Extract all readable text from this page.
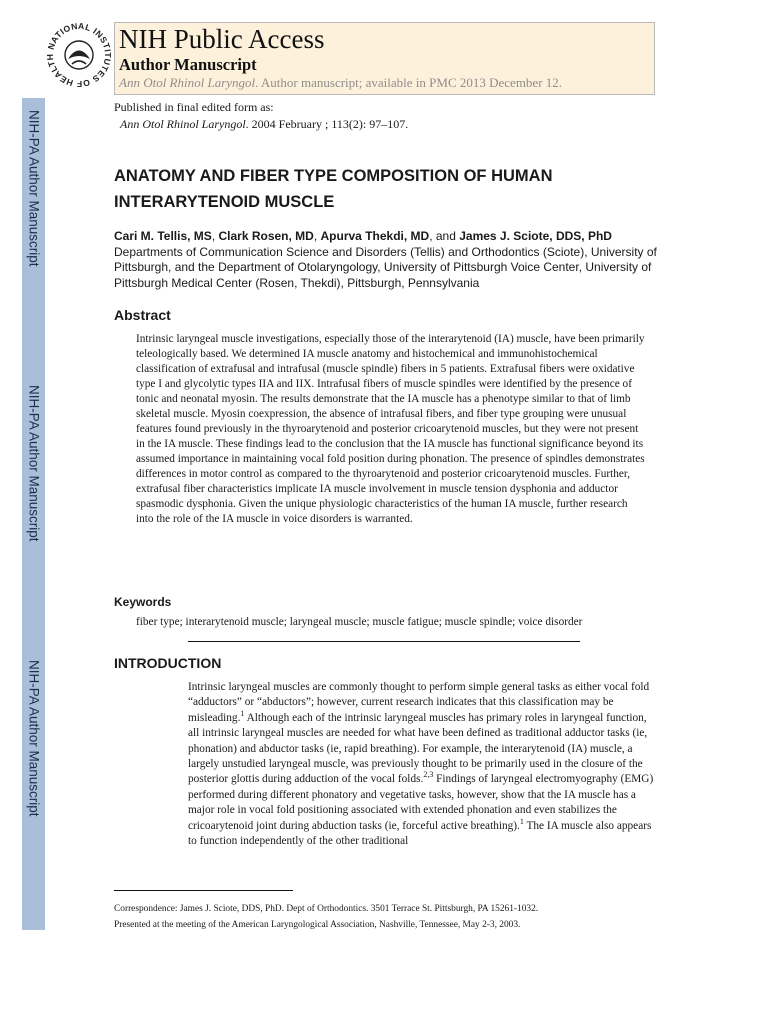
NIH-PA Author Manuscript
NIH-PA Author Manuscript
NIH-PA Author Manuscript
NATIONAL INSTITUTES OF HEALTH
NIH Public Access
Author Manuscript
Ann Otol Rhinol Laryngol. Author manuscript; available in PMC 2013 December 12.
Published in final edited form as:
Ann Otol Rhinol Laryngol. 2004 February ; 113(2): 97–107.
ANATOMY AND FIBER TYPE COMPOSITION OF HUMAN INTERARYTENOID MUSCLE
Cari M. Tellis, MS, Clark Rosen, MD, Apurva Thekdi, MD, and James J. Sciote, DDS, PhD
Departments of Communication Science and Disorders (Tellis) and Orthodontics (Sciote), University of Pittsburgh, and the Department of Otolaryngology, University of Pittsburgh Voice Center, University of Pittsburgh Medical Center (Rosen, Thekdi), Pittsburgh, Pennsylvania
Abstract
Intrinsic laryngeal muscle investigations, especially those of the interarytenoid (IA) muscle, have been primarily teleologically based. We determined IA muscle anatomy and histochemical and immunohistochemical classification of extrafusal and intrafusal (muscle spindle) fibers in 5 patients. Extrafusal fibers were oxidative type I and glycolytic types IIA and IIX. Intrafusal fibers of muscle spindles were identified by the presence of tonic and neonatal myosin. The results demonstrate that the IA muscle has a phenotype similar to that of limb skeletal muscle. Myosin coexpression, the absence of intrafusal fibers, and fiber type grouping were unusual features found previously in the thyroarytenoid and posterior cricoarytenoid muscles, but they were not present in the IA muscle. These findings lead to the conclusion that the IA muscle has functional significance beyond its assumed importance in maintaining vocal fold position during phonation. The presence of spindles demonstrates differences in motor control as compared to the thyroarytenoid and posterior cricoarytenoid muscles. Further, extrafusal fiber characteristics implicate IA muscle involvement in muscle tension dysphonia and adductor spasmodic dysphonia. Given the unique physiologic characteristics of the human IA muscle, further research into the role of the IA muscle in voice disorders is warranted.
Keywords
fiber type; interarytenoid muscle; laryngeal muscle; muscle fatigue; muscle spindle; voice disorder
INTRODUCTION
Intrinsic laryngeal muscles are commonly thought to perform simple general tasks as either vocal fold “adductors” or “abductors”; however, current research indicates that this classification may be misleading.$^1$ Although each of the intrinsic laryngeal muscles has primary roles in laryngeal function, all intrinsic laryngeal muscles are needed for what have been defined as traditional adductor tasks (ie, phonation) and abductor tasks (ie, rapid breathing). For example, the interarytenoid (IA) muscle, a largely unstudied laryngeal muscle, was previously thought to be primarily used in the closure of the posterior glottis during adduction of the vocal folds.$^{2,3}$ Findings of laryngeal electromyography (EMG) performed during different phonatory and vegetative tasks, however, show that the IA muscle has a major role in vocal fold positioning associated with extended phonation and even stabilizes the cricoarytenoid joint during abduction tasks (ie, forceful active breathing).$^1$ The IA muscle also appears to function independently of the other traditional
Correspondence: James J. Sciote, DDS, PhD. Dept of Orthodontics. 3501 Terrace St. Pittsburgh, PA 15261-1032.
Presented at the meeting of the American Laryngological Association, Nashville, Tennessee, May 2-3, 2003.
